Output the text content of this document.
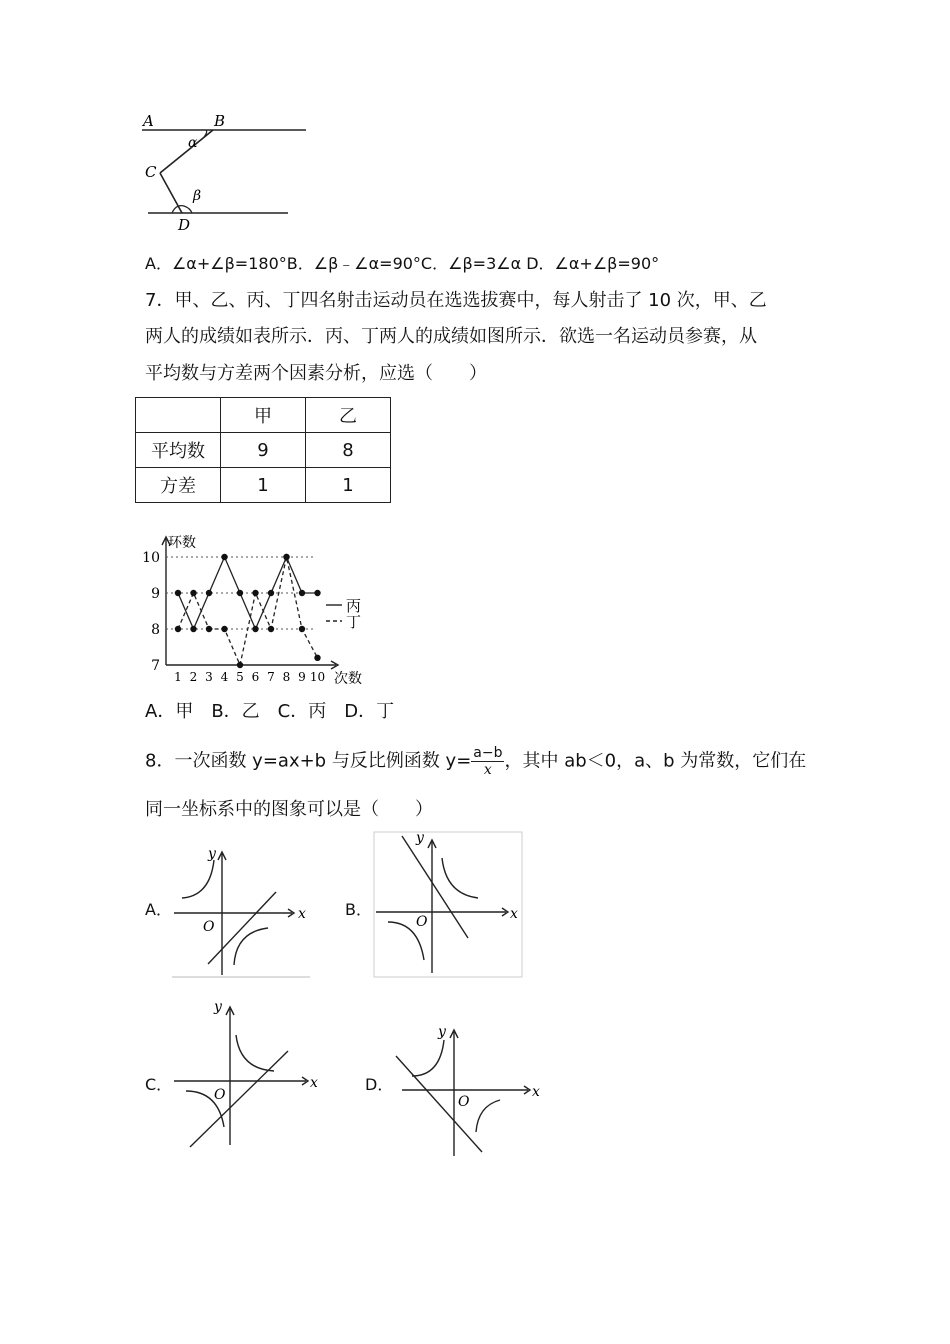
A	B
C
D
α
β
A．∠α+∠β=180°B．∠β﹣∠α=90°C．∠β=3∠α D．∠α+∠β=90°
7．甲、乙、丙、丁四名射击运动员在选选拔赛中，每人射击了 10 次，甲、乙
两人的成绩如表所示．丙、丁两人的成绩如图所示．欲选一名运动员参赛，从
平均数与方差两个因素分析，应选（　　）
	甲	乙
平均数	9	8
方差	1	1
7
8
9
10
1 2 3 4 5 6 7 8 9 10
环数
次数
丙
丁
A．甲　B．乙　C．丙　D．丁
8．一次函数 y=ax+b 与反比例函数 $y= \frac{a-b}{x}$ ，其中 ab＜0，a、b 为常数，它们在
同一坐标系中的图象可以是（　　）
A．	x
y
O
B．	x
y
O
C．	x
y
O
D．	x
y
O
